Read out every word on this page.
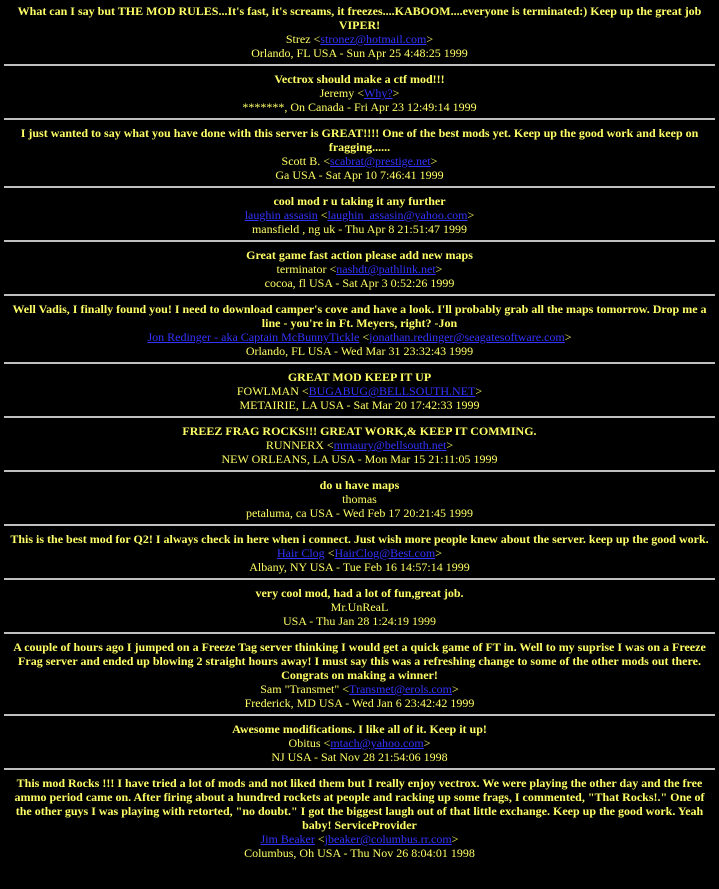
What can I say but THE MOD RULES...It's fast, it's screams, it freezes....KABOOM....everyone is terminated:) Keep up the great job VIPER!
Strez <stronez@hotmail.com>
Orlando, FL USA - Sun Apr 25 4:48:25 1999
Vectrox should make a ctf mod!!!
Jeremy <Why?>
*******, On Canada - Fri Apr 23 12:49:14 1999
I just wanted to say what you have done with this server is GREAT!!!! One of the best mods yet. Keep up the good work and keep on fragging......
Scott B. <scabrat@prestige.net>
Ga USA - Sat Apr 10 7:46:41 1999
cool mod r u taking it any further
laughin assasin <laughin_assasin@yahoo.com>
mansfield , ng uk - Thu Apr 8 21:51:47 1999
Great game fast action please add new maps
terminator <nashdt@pathlink.net>
cocoa, fl USA - Sat Apr 3 0:52:26 1999
Well Vadis, I finally found you! I need to download camper's cove and have a look. I'll probably grab all the maps tomorrow. Drop me a line - you're in Ft. Meyers, right? -Jon
Jon Redinger - aka Captain McBunnyTickle <jonathan.redinger@seagatesoftware.com>
Orlando, FL USA - Wed Mar 31 23:32:43 1999
GREAT MOD KEEP IT UP
FOWLMAN <BUGABUG@BELLSOUTH.NET>
METAIRIE, LA USA - Sat Mar 20 17:42:33 1999
FREEZ FRAG ROCKS!!! GREAT WORK,& KEEP IT COMMING.
RUNNERX <mmaury@bellsouth.net>
NEW ORLEANS, LA USA - Mon Mar 15 21:11:05 1999
do u have maps
thomas
petaluma, ca USA - Wed Feb 17 20:21:45 1999
This is the best mod for Q2! I always check in here when i connect. Just wish more people knew about the server. keep up the good work.
Hair Clog <HairClog@Best.com>
Albany, NY USA - Tue Feb 16 14:57:14 1999
very cool mod, had a lot of fun,great job.
Mr.UnReaL
USA - Thu Jan 28 1:24:19 1999
A couple of hours ago I jumped on a Freeze Tag server thinking I would get a quick game of FT in. Well to my suprise I was on a Freeze Frag server and ended up blowing 2 straight hours away! I must say this was a refreshing change to some of the other mods out there. Congrats on making a winner!
Sam "Transmet" <Transmet@erols.com>
Frederick, MD USA - Wed Jan 6 23:42:42 1999
Awesome modifications. I like all of it. Keep it up!
Obitus <mtach@yahoo.com>
NJ USA - Sat Nov 28 21:54:06 1998
This mod Rocks !!! I have tried a lot of mods and not liked them but I really enjoy vectrox. We were playing the other day and the free ammo period came on. After firing about a hundred rockets at people and racking up some frags, I commented, "That Rocks!." One of the other guys I was playing with retorted, "no doubt." I got the biggest laugh out of that little exchange. Keep up the good work. Yeah baby! ServiceProvider
Jim Beaker <jbeaker@columbus.rr.com>
Columbus, Oh USA - Thu Nov 26 8:04:01 1998
